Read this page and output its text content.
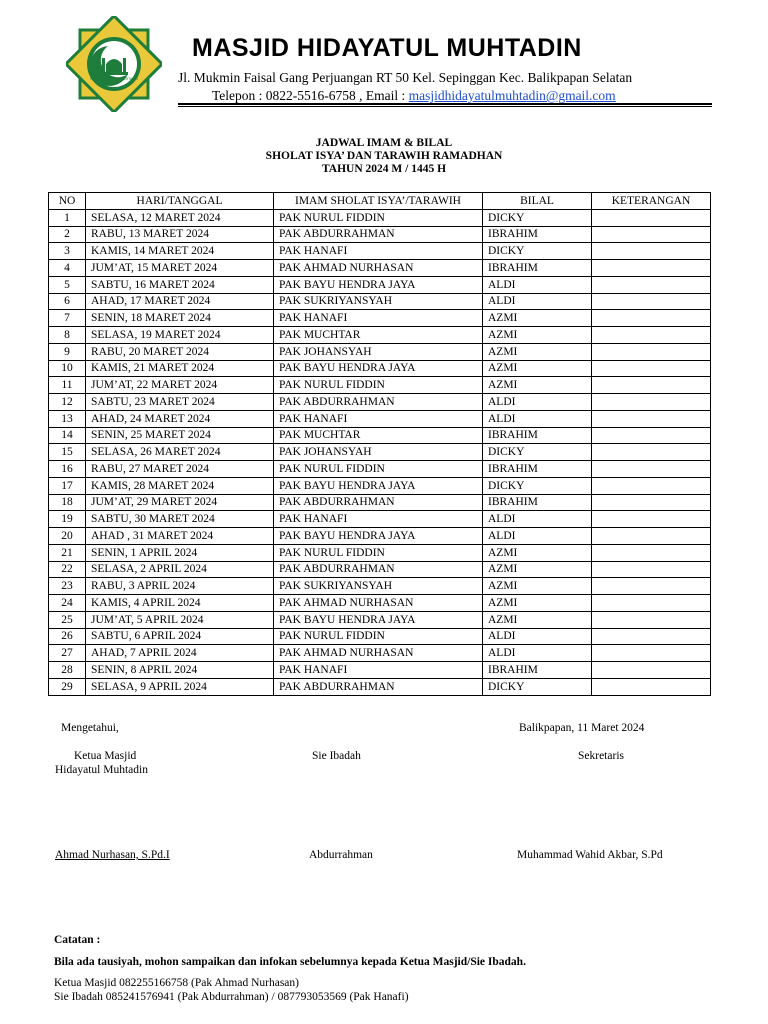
MASJID HIDAYATUL MUHTADIN
MASJID HIDAYATUL MUHTADIN
Jl. Mukmin Faisal Gang Perjuangan RT 50 Kel. Sepinggan Kec. Balikpapan Selatan
Telepon : 0822-5516-6758 , Email : masjidhidayatulmuhtadin@gmail.com
JADWAL IMAM & BILAL
SHOLAT ISYA’ DAN TARAWIH RAMADHAN
TAHUN 2024 M / 1445 H
NO	HARI/TANGGAL	IMAM SHOLAT ISYA’/TARAWIH	BILAL	KETERANGAN
1	SELASA, 12 MARET 2024	PAK NURUL FIDDIN	DICKY	
2	RABU, 13 MARET 2024	PAK ABDURRAHMAN	IBRAHIM	
3	KAMIS, 14 MARET 2024	PAK HANAFI	DICKY	
4	JUM’AT, 15 MARET 2024	PAK AHMAD NURHASAN	IBRAHIM	
5	SABTU, 16 MARET 2024	PAK BAYU HENDRA JAYA	ALDI	
6	AHAD, 17 MARET 2024	PAK SUKRIYANSYAH	ALDI	
7	SENIN, 18 MARET 2024	PAK HANAFI	AZMI	
8	SELASA, 19 MARET 2024	PAK MUCHTAR	AZMI	
9	RABU, 20 MARET 2024	PAK JOHANSYAH	AZMI	
10	KAMIS, 21 MARET 2024	PAK BAYU HENDRA JAYA	AZMI	
11	JUM’AT, 22 MARET 2024	PAK NURUL FIDDIN	AZMI	
12	SABTU, 23 MARET 2024	PAK ABDURRAHMAN	ALDI	
13	AHAD, 24 MARET 2024	PAK HANAFI	ALDI	
14	SENIN, 25 MARET 2024	PAK MUCHTAR	IBRAHIM	
15	SELASA, 26 MARET 2024	PAK JOHANSYAH	DICKY	
16	RABU, 27 MARET 2024	PAK NURUL FIDDIN	IBRAHIM	
17	KAMIS, 28 MARET 2024	PAK BAYU HENDRA JAYA	DICKY	
18	JUM’AT, 29 MARET 2024	PAK ABDURRAHMAN	IBRAHIM	
19	SABTU, 30 MARET 2024	PAK HANAFI	ALDI	
20	AHAD , 31 MARET 2024	PAK BAYU HENDRA JAYA	ALDI	
21	SENIN, 1 APRIL 2024	PAK NURUL FIDDIN	AZMI	
22	SELASA, 2 APRIL 2024	PAK ABDURRAHMAN	AZMI	
23	RABU, 3 APRIL 2024	PAK SUKRIYANSYAH	AZMI	
24	KAMIS, 4 APRIL 2024	PAK AHMAD NURHASAN	AZMI	
25	JUM’AT, 5 APRIL 2024	PAK BAYU HENDRA JAYA	AZMI	
26	SABTU, 6 APRIL 2024	PAK NURUL FIDDIN	ALDI	
27	AHAD, 7 APRIL 2024	PAK AHMAD NURHASAN	ALDI	
28	SENIN, 8 APRIL 2024	PAK HANAFI	IBRAHIM	
29	SELASA, 9 APRIL 2024	PAK ABDURRAHMAN	DICKY	
Mengetahui,	Balikpapan, 11 Maret 2024
Ketua Masjid
Hidayatul Muhtadin
Sie Ibadah	Sekretaris
Ahmad Nurhasan, S.Pd.I	Abdurrahman	Muhammad Wahid Akbar, S.Pd
Catatan :
Bila ada tausiyah, mohon sampaikan dan infokan sebelumnya kepada Ketua Masjid/Sie Ibadah.
Ketua Masjid 082255166758 (Pak Ahmad Nurhasan)
Sie Ibadah 085241576941 (Pak Abdurrahman) / 087793053569 (Pak Hanafi)
